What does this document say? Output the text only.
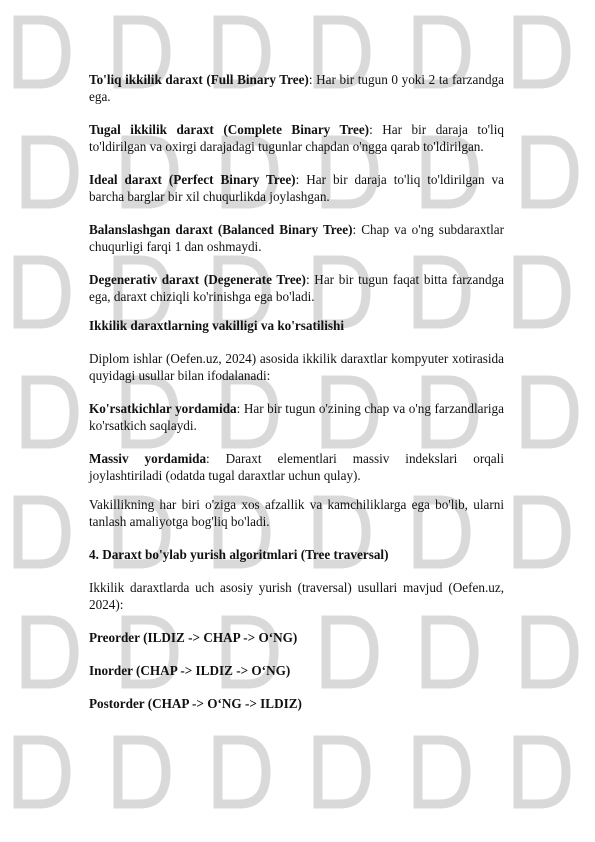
To'liq ikkilik daraxt (Full Binary Tree): Har bir tugun 0 yoki 2 ta farzandga ega.

Tugal ikkilik daraxt (Complete Binary Tree): Har bir daraja to'liq to'ldirilgan va oxirgi darajadagi tugunlar chapdan o'ngga qarab to'ldirilgan.

Ideal daraxt (Perfect Binary Tree): Har bir daraja to'liq to'ldirilgan va barcha barglar bir xil chuqurlikda joylashgan.

Balanslashgan daraxt (Balanced Binary Tree): Chap va o'ng subdaraxtlar chuqurligi farqi 1 dan oshmaydi.

Degenerativ daraxt (Degenerate Tree): Har bir tugun faqat bitta farzandga ega, daraxt chiziqli ko'rinishga ega bo'ladi.

Ikkilik daraxtlarning vakilligi va ko'rsatilishi

Diplom ishlar (Oefen.uz, 2024) asosida ikkilik daraxtlar kompyuter xotirasida quyidagi usullar bilan ifodalanadi:

Ko'rsatkichlar yordamida: Har bir tugun o'zining chap va o'ng farzandlariga ko'rsatkich saqlaydi.

Massiv yordamida: Daraxt elementlari massiv indekslari orqali joylashtiriladi (odatda tugal daraxtlar uchun qulay).

Vakillikning har biri o'ziga xos afzallik va kamchiliklarga ega bo'lib, ularni tanlash amaliyotga bog'liq bo'ladi.

4. Daraxt bo'ylab yurish algoritmlari (Tree traversal)

Ikkilik daraxtlarda uch asosiy yurish (traversal) usullari mavjud (Oefen.uz, 2024):

Preorder (ILDIZ -> CHAP -> O‘NG)

Inorder (CHAP -> ILDIZ -> O‘NG)

Postorder (CHAP -> O‘NG -> ILDIZ)
